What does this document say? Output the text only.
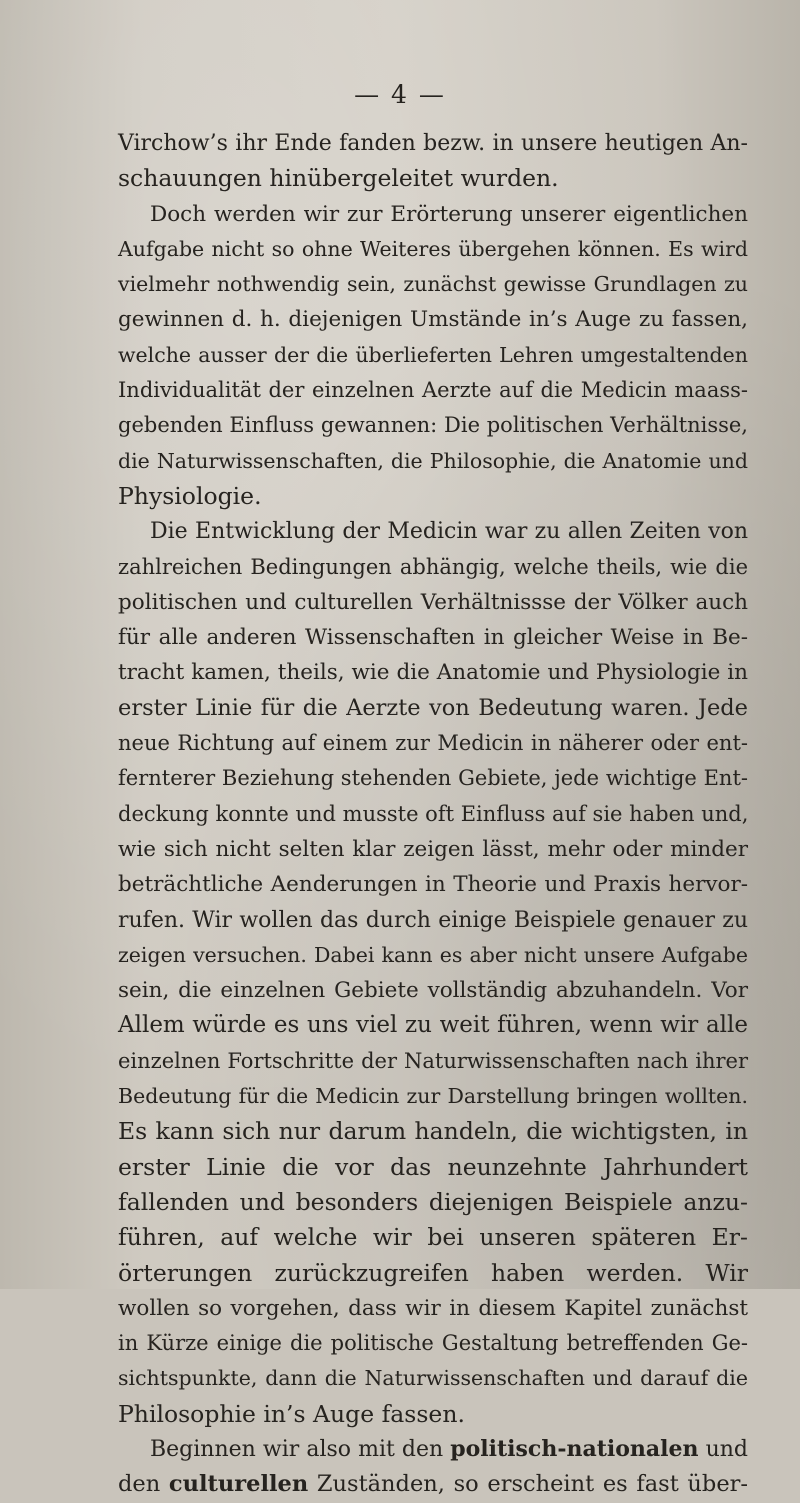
— 4 —
Virchow’s ihr Ende fanden bezw. in unsere heutigen An-
schauungen hinübergeleitet wurden.
Doch werden wir zur Erörterung unserer eigentlichen
Aufgabe nicht so ohne Weiteres übergehen können. Es wird
vielmehr nothwendig sein, zunächst gewisse Grundlagen zu
gewinnen d. h. diejenigen Umstände in’s Auge zu fassen,
welche ausser der die überlieferten Lehren umgestaltenden
Individualität der einzelnen Aerzte auf die Medicin maass-
gebenden Einfluss gewannen: Die politischen Verhältnisse,
die Naturwissenschaften, die Philosophie, die Anatomie und
Physiologie.
Die Entwicklung der Medicin war zu allen Zeiten von
zahlreichen Bedingungen abhängig, welche theils, wie die
politischen und culturellen Verhältnissse der Völker auch
für alle anderen Wissenschaften in gleicher Weise in Be-
tracht kamen, theils, wie die Anatomie und Physiologie in
erster Linie für die Aerzte von Bedeutung waren. Jede
neue Richtung auf einem zur Medicin in näherer oder ent-
fernterer Beziehung stehenden Gebiete, jede wichtige Ent-
deckung konnte und musste oft Einfluss auf sie haben und,
wie sich nicht selten klar zeigen lässt, mehr oder minder
beträchtliche Aenderungen in Theorie und Praxis hervor-
rufen. Wir wollen das durch einige Beispiele genauer zu
zeigen versuchen. Dabei kann es aber nicht unsere Aufgabe
sein, die einzelnen Gebiete vollständig abzuhandeln. Vor
Allem würde es uns viel zu weit führen, wenn wir alle
einzelnen Fortschritte der Naturwissenschaften nach ihrer
Bedeutung für die Medicin zur Darstellung bringen wollten.
Es kann sich nur darum handeln, die wichtigsten, in
erster Linie die vor das neunzehnte Jahrhundert
fallenden und besonders diejenigen Beispiele anzu-
führen, auf welche wir bei unseren späteren Er-
örterungen zurückzugreifen haben werden. Wir
wollen so vorgehen, dass wir in diesem Kapitel zunächst
in Kürze einige die politische Gestaltung betreffenden Ge-
sichtspunkte, dann die Naturwissenschaften und darauf die
Philosophie in’s Auge fassen.
Beginnen wir also mit den politisch-nationalen und
den culturellen Zuständen, so erscheint es fast über-
